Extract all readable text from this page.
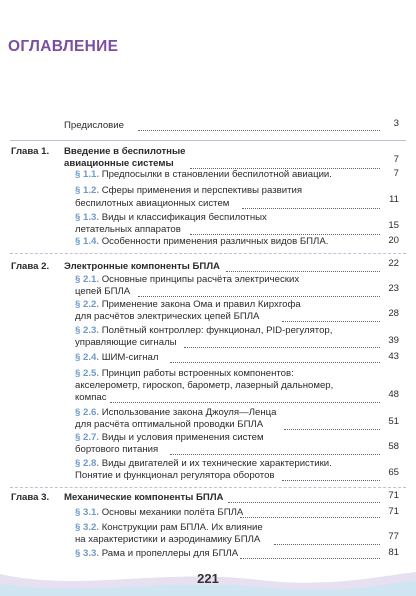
ОГЛАВЛЕНИЕ
Предисловие	3
Глава 1. Введение в беспилотные
авиационные системы	7
§ 1.1. Предпосылки в становлении беспилотной авиации.	7
§ 1.2. Сферы применения и перспективы развития
беспилотных авиационных систем	11
§ 1.3. Виды и классификация беспилотных
летательных аппаратов	15
§ 1.4. Особенности применения различных видов БПЛА.	20
Глава 2. Электронные компоненты БПЛА	22
§ 2.1. Основные принципы расчёта электрических
цепей БПЛА	23
§ 2.2. Применение закона Ома и правил Кирхгофа
для расчётов электрических цепей БПЛА	28
§ 2.3. Полётный контроллер: функционал, PID-регулятор,
управляющие сигналы	39
§ 2.4. ШИМ-сигнал	43
§ 2.5. Принцип работы встроенных компонентов:
акселерометр, гироскоп, барометр, лазерный дальномер,
компас	48
§ 2.6. Использование закона Джоуля—Ленца
для расчёта оптимальной проводки БПЛА	51
§ 2.7. Виды и условия применения систем
бортового питания	58
§ 2.8. Виды двигателей и их технические характеристики.
Понятие и функционал регулятора оборотов	65
Глава 3. Механические компоненты БПЛА	71
§ 3.1. Основы механики полёта БПЛА	71
§ 3.2. Конструкции рам БПЛА. Их влияние
на характеристики и аэродинамику БПЛА	77
§ 3.3. Рама и пропеллеры для БПЛА	81
221
